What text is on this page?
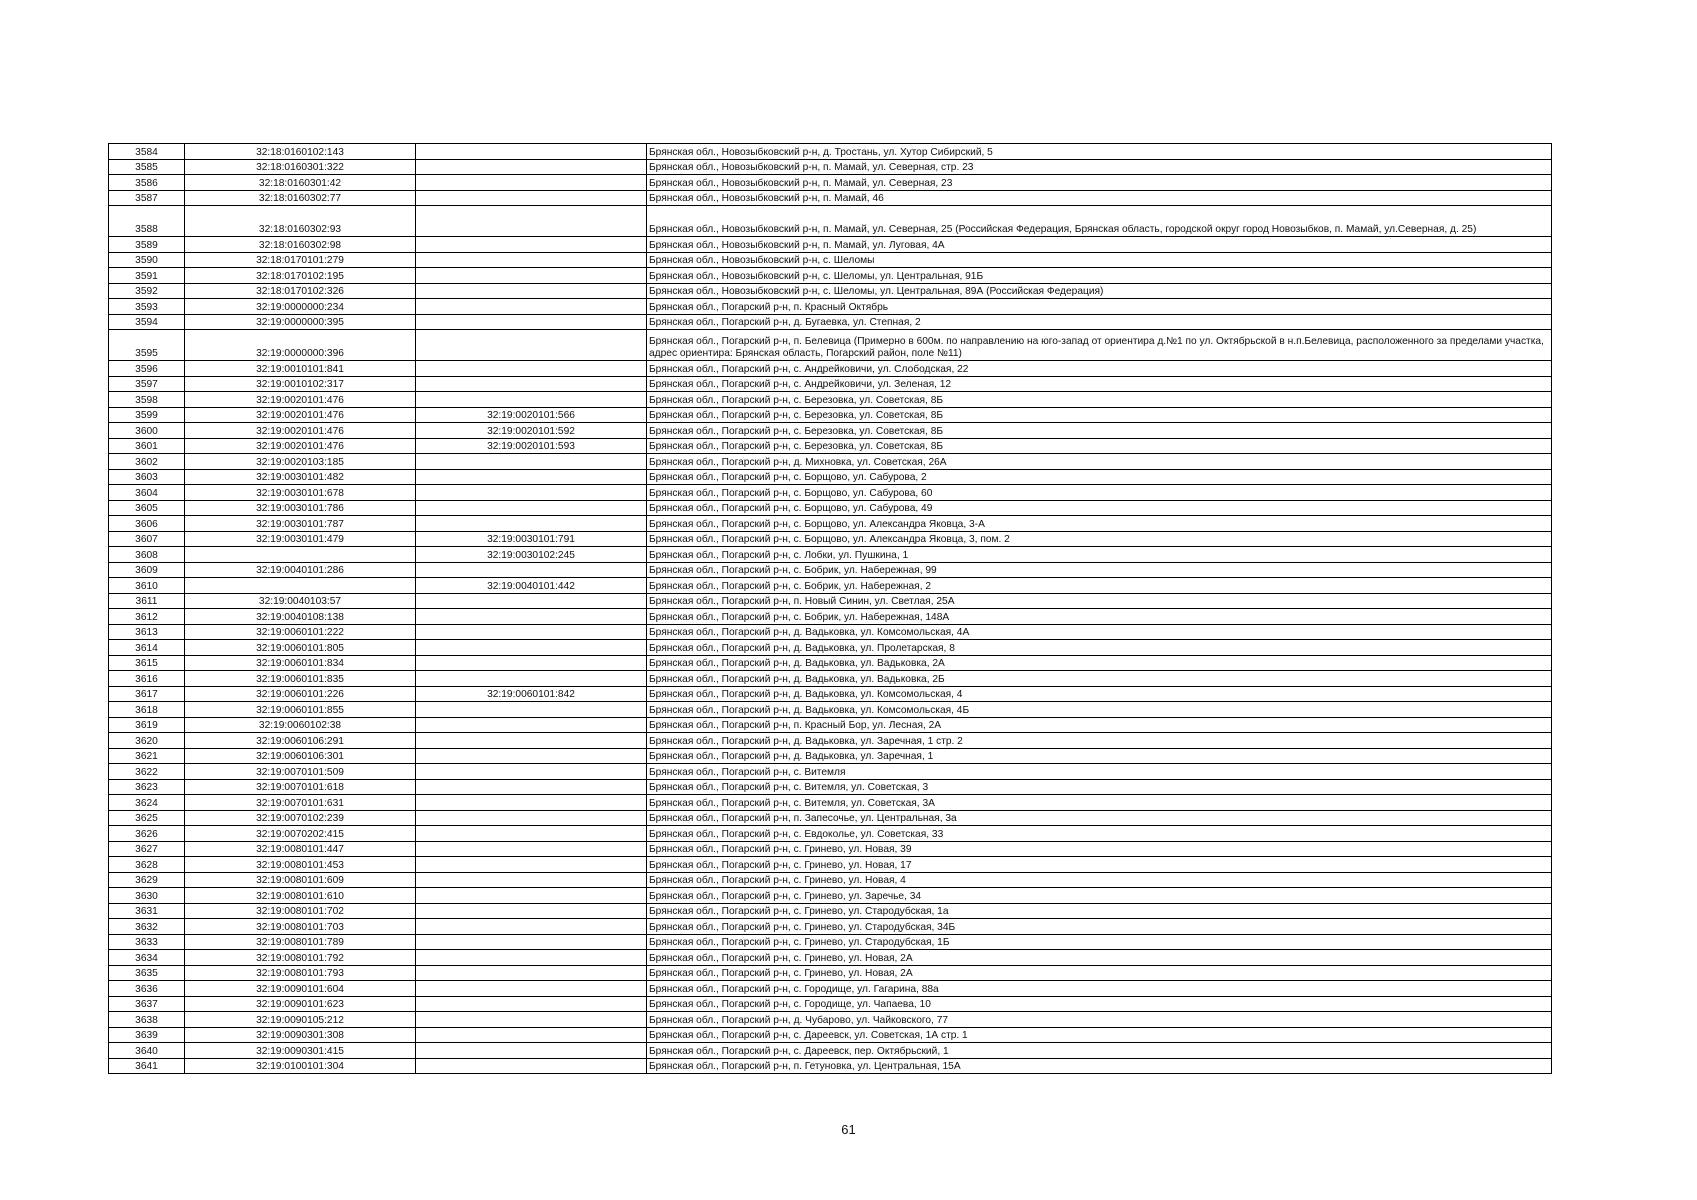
3584	32:18:0160102:143		Брянская обл., Новозыбковский р-н, д. Тростань, ул. Хутор Сибирский, 5
3585	32:18:0160301:322		Брянская обл., Новозыбковский р-н, п. Мамай, ул. Северная, стр. 23
3586	32:18:0160301:42		Брянская обл., Новозыбковский р-н, п. Мамай, ул. Северная, 23
3587	32:18:0160302:77		Брянская обл., Новозыбковский р-н, п. Мамай, 46
3588	32:18:0160302:93		Брянская обл., Новозыбковский р-н, п. Мамай, ул. Северная, 25 (Российская Федерация, Брянская область, городской округ город Новозыбков, п. Мамай, ул.Северная, д. 25)
3589	32:18:0160302:98		Брянская обл., Новозыбковский р-н, п. Мамай, ул. Луговая, 4А
3590	32:18:0170101:279		Брянская обл., Новозыбковский р-н, с. Шеломы
3591	32:18:0170102:195		Брянская обл., Новозыбковский р-н, с. Шеломы, ул. Центральная, 91Б
3592	32:18:0170102:326		Брянская обл., Новозыбковский р-н, с. Шеломы, ул. Центральная, 89А (Российская Федерация)
3593	32:19:0000000:234		Брянская обл., Погарский р-н, п. Красный Октябрь
3594	32:19:0000000:395		Брянская обл., Погарский р-н, д. Бугаевка, ул. Степная, 2
3595	32:19:0000000:396		Брянская обл., Погарский р-н, п. Белевица (Примерно в 600м. по направлению на юго-запад от ориентира д.№1 по ул. Октябрьской в н.п.Белевица, расположенного за пределами участка, адрес ориентира: Брянская область, Погарский район, поле №11)
3596	32:19:0010101:841		Брянская обл., Погарский р-н, с. Андрейковичи, ул. Слободская, 22
3597	32:19:0010102:317		Брянская обл., Погарский р-н, с. Андрейковичи, ул. Зеленая, 12
3598	32:19:0020101:476		Брянская обл., Погарский р-н, с. Березовка, ул. Советская, 8Б
3599	32:19:0020101:476	32:19:0020101:566	Брянская обл., Погарский р-н, с. Березовка, ул. Советская, 8Б
3600	32:19:0020101:476	32:19:0020101:592	Брянская обл., Погарский р-н, с. Березовка, ул. Советская, 8Б
3601	32:19:0020101:476	32:19:0020101:593	Брянская обл., Погарский р-н, с. Березовка, ул. Советская, 8Б
3602	32:19:0020103:185		Брянская обл., Погарский р-н, д. Михновка, ул. Советская, 26А
3603	32:19:0030101:482		Брянская обл., Погарский р-н, с. Борщово, ул. Сабурова, 2
3604	32:19:0030101:678		Брянская обл., Погарский р-н, с. Борщово, ул. Сабурова, 60
3605	32:19:0030101:786		Брянская обл., Погарский р-н, с. Борщово, ул. Сабурова, 49
3606	32:19:0030101:787		Брянская обл., Погарский р-н, с. Борщово, ул. Александра Яковца, 3-А
3607	32:19:0030101:479	32:19:0030101:791	Брянская обл., Погарский р-н, с. Борщово, ул. Александра Яковца, 3, пом. 2
3608		32:19:0030102:245	Брянская обл., Погарский р-н, с. Лобки, ул. Пушкина, 1
3609	32:19:0040101:286		Брянская обл., Погарский р-н, с. Бобрик, ул. Набережная, 99
3610		32:19:0040101:442	Брянская обл., Погарский р-н, с. Бобрик, ул. Набережная, 2
3611	32:19:0040103:57		Брянская обл., Погарский р-н, п. Новый Синин, ул. Светлая, 25А
3612	32:19:0040108:138		Брянская обл., Погарский р-н, с. Бобрик, ул. Набережная, 148А
3613	32:19:0060101:222		Брянская обл., Погарский р-н, д. Вадьковка, ул. Комсомольская, 4А
3614	32:19:0060101:805		Брянская обл., Погарский р-н, д. Вадьковка, ул. Пролетарская, 8
3615	32:19:0060101:834		Брянская обл., Погарский р-н, д. Вадьковка, ул. Вадьковка, 2А
3616	32:19:0060101:835		Брянская обл., Погарский р-н, д. Вадьковка, ул. Вадьковка, 2Б
3617	32:19:0060101:226	32:19:0060101:842	Брянская обл., Погарский р-н, д. Вадьковка, ул. Комсомольская, 4
3618	32:19:0060101:855		Брянская обл., Погарский р-н, д. Вадьковка, ул. Комсомольская, 4Б
3619	32:19:0060102:38		Брянская обл., Погарский р-н, п. Красный Бор, ул. Лесная, 2А
3620	32:19:0060106:291		Брянская обл., Погарский р-н, д. Вадьковка, ул. Заречная, 1 стр. 2
3621	32:19:0060106:301		Брянская обл., Погарский р-н, д. Вадьковка, ул. Заречная, 1
3622	32:19:0070101:509		Брянская обл., Погарский р-н, с. Витемля
3623	32:19:0070101:618		Брянская обл., Погарский р-н, с. Витемля, ул. Советская, 3
3624	32:19:0070101:631		Брянская обл., Погарский р-н, с. Витемля, ул. Советская, 3А
3625	32:19:0070102:239		Брянская обл., Погарский р-н, п. Запесочье, ул. Центральная, 3а
3626	32:19:0070202:415		Брянская обл., Погарский р-н, с. Евдоколье, ул. Советская, 33
3627	32:19:0080101:447		Брянская обл., Погарский р-н, с. Гринево, ул. Новая, 39
3628	32:19:0080101:453		Брянская обл., Погарский р-н, с. Гринево, ул. Новая, 17
3629	32:19:0080101:609		Брянская обл., Погарский р-н, с. Гринево, ул. Новая, 4
3630	32:19:0080101:610		Брянская обл., Погарский р-н, с. Гринево, ул. Заречье, 34
3631	32:19:0080101:702		Брянская обл., Погарский р-н, с. Гринево, ул. Стародубская, 1а
3632	32:19:0080101:703		Брянская обл., Погарский р-н, с. Гринево, ул. Стародубская, 34Б
3633	32:19:0080101:789		Брянская обл., Погарский р-н, с. Гринево, ул. Стародубская, 1Б
3634	32:19:0080101:792		Брянская обл., Погарский р-н, с. Гринево, ул. Новая, 2А
3635	32:19:0080101:793		Брянская обл., Погарский р-н, с. Гринево, ул. Новая, 2А
3636	32:19:0090101:604		Брянская обл., Погарский р-н, с. Городище, ул. Гагарина, 88а
3637	32:19:0090101:623		Брянская обл., Погарский р-н, с. Городище, ул. Чапаева, 10
3638	32:19:0090105:212		Брянская обл., Погарский р-н, д. Чубарово, ул. Чайковского, 77
3639	32:19:0090301:308		Брянская обл., Погарский р-н, с. Дареевск, ул. Советская, 1А стр. 1
3640	32:19:0090301:415		Брянская обл., Погарский р-н, с. Дареевск, пер. Октябрьский, 1
3641	32:19:0100101:304		Брянская обл., Погарский р-н, п. Гетуновка, ул. Центральная, 15А
61
